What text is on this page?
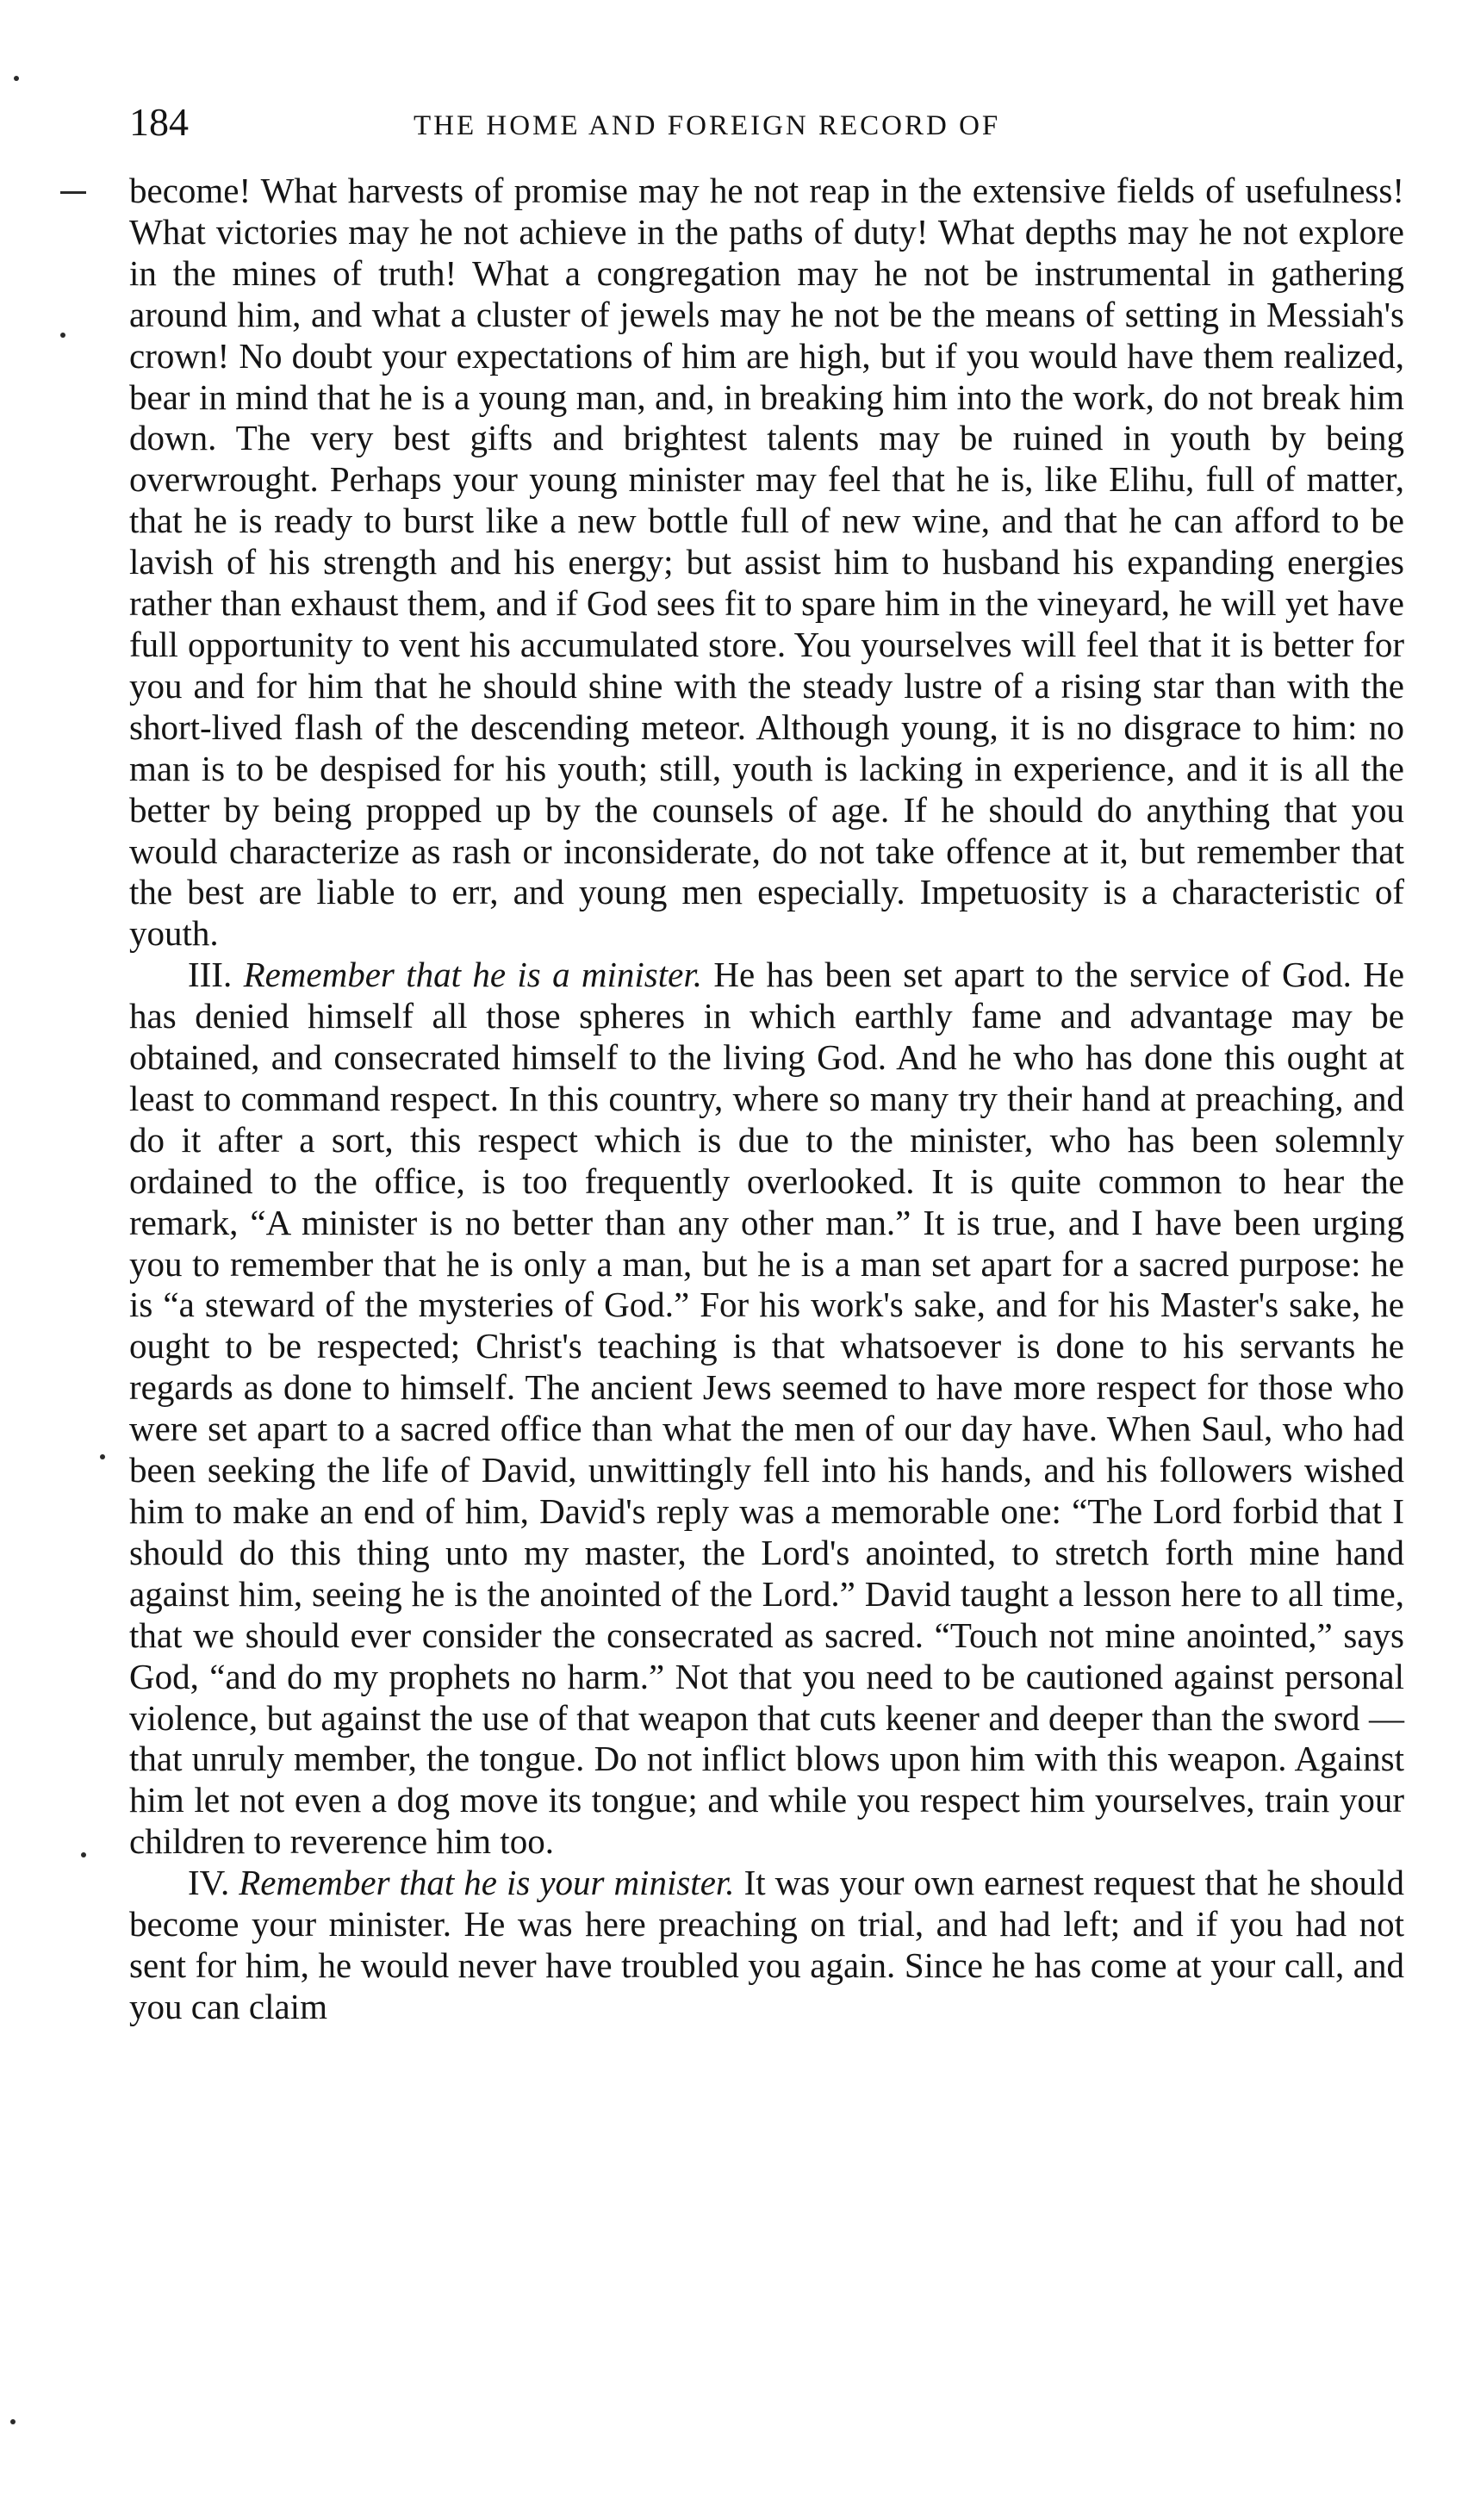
184	THE HOME AND FOREIGN RECORD OF

become! What harvests of promise may he not reap in the extensive fields of usefulness! What victories may he not achieve in the paths of duty! What depths may he not explore in the mines of truth! What a congregation may he not be instrumental in gathering around him, and what a cluster of jewels may he not be the means of setting in Messiah's crown! No doubt your expectations of him are high, but if you would have them realized, bear in mind that he is a young man, and, in breaking him into the work, do not break him down. The very best gifts and brightest talents may be ruined in youth by being overwrought. Perhaps your young minister may feel that he is, like Elihu, full of matter, that he is ready to burst like a new bottle full of new wine, and that he can afford to be lavish of his strength and his energy; but assist him to husband his expanding energies rather than exhaust them, and if God sees fit to spare him in the vineyard, he will yet have full opportunity to vent his accumulated store. You yourselves will feel that it is better for you and for him that he should shine with the steady lustre of a rising star than with the short-lived flash of the descending meteor. Although young, it is no disgrace to him: no man is to be despised for his youth; still, youth is lacking in experience, and it is all the better by being propped up by the counsels of age. If he should do anything that you would characterize as rash or inconsiderate, do not take offence at it, but remember that the best are liable to err, and young men especially. Impetuosity is a characteristic of youth.

III. Remember that he is a minister. He has been set apart to the service of God. He has denied himself all those spheres in which earthly fame and advantage may be obtained, and consecrated himself to the living God. And he who has done this ought at least to command respect. In this country, where so many try their hand at preaching, and do it after a sort, this respect which is due to the minister, who has been solemnly ordained to the office, is too frequently overlooked. It is quite common to hear the remark, “A minister is no better than any other man.” It is true, and I have been urging you to remember that he is only a man, but he is a man set apart for a sacred purpose: he is “a steward of the mysteries of God.” For his work's sake, and for his Master's sake, he ought to be respected; Christ's teaching is that whatsoever is done to his servants he regards as done to himself. The ancient Jews seemed to have more respect for those who were set apart to a sacred office than what the men of our day have. When Saul, who had been seeking the life of David, unwittingly fell into his hands, and his followers wished him to make an end of him, David's reply was a memorable one: “The Lord forbid that I should do this thing unto my master, the Lord's anointed, to stretch forth mine hand against him, seeing he is the anointed of the Lord.” David taught a lesson here to all time, that we should ever consider the consecrated as sacred. “Touch not mine anointed,” says God, “and do my prophets no harm.” Not that you need to be cautioned against personal violence, but against the use of that weapon that cuts keener and deeper than the sword —that unruly member, the tongue. Do not inflict blows upon him with this weapon. Against him let not even a dog move its tongue; and while you respect him yourselves, train your children to reverence him too.

IV. Remember that he is your minister. It was your own earnest request that he should become your minister. He was here preaching on trial, and had left; and if you had not sent for him, he would never have troubled you again. Since he has come at your call, and you can claim
